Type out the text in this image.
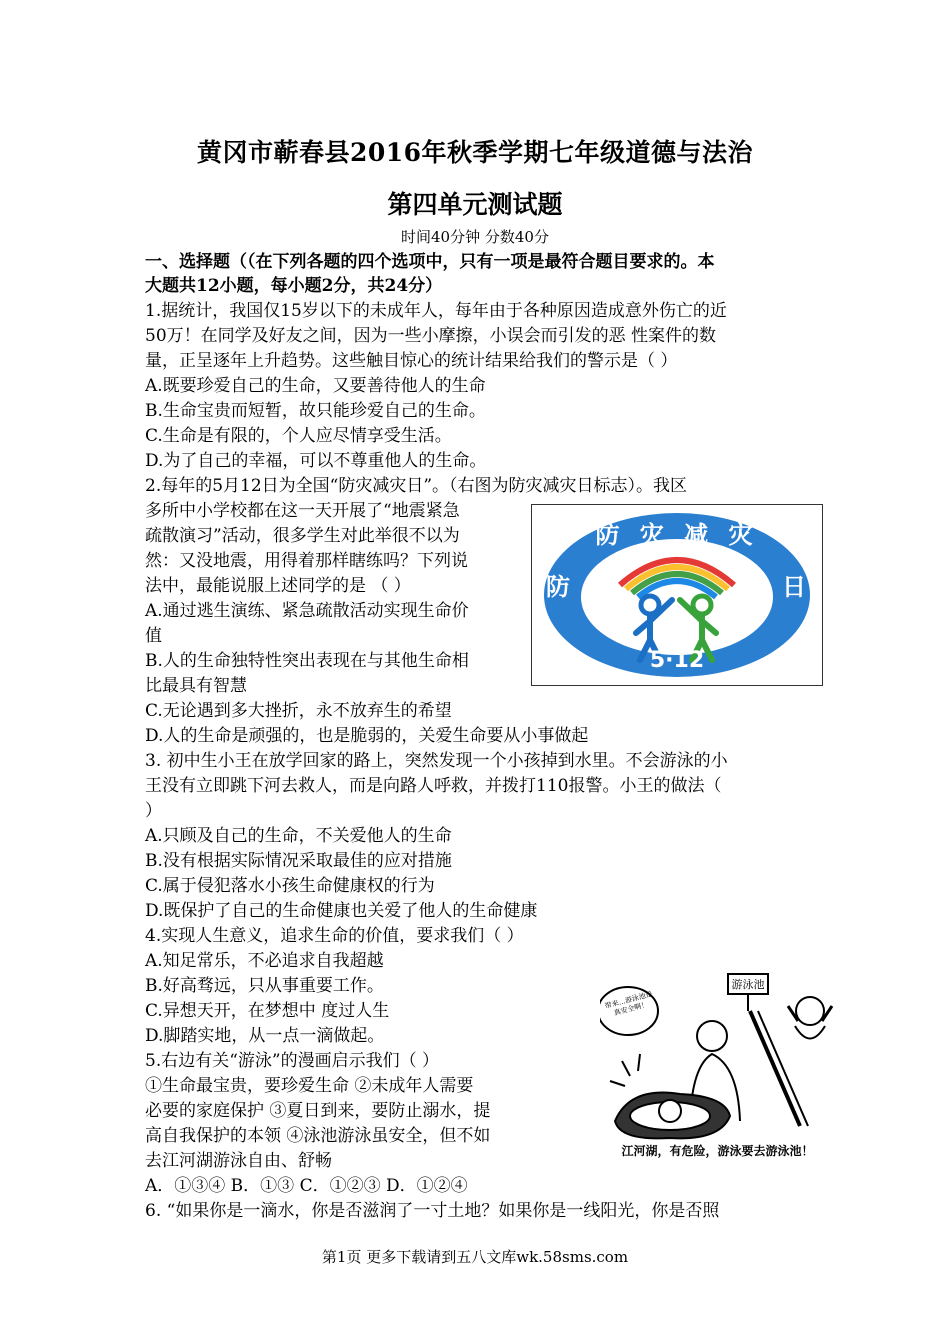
黄冈市蕲春县2016年秋季学期七年级道德与法治
第四单元测试题
时间40分钟 分数40分
一、选择题（（在下列各题的四个选项中，只有一项是最符合题目要求的。本
大题共12小题，每小题2分，共24分）
1.据统计，我国仅15岁以下的未成年人，每年由于各种原因造成意外伤亡的近
50万！在同学及好友之间，因为一些小摩擦，小误会而引发的恶 性案件的数
量，正呈逐年上升趋势。这些触目惊心的统计结果给我们的警示是（ ）
A.既要珍爱自己的生命，又要善待他人的生命
B.生命宝贵而短暂，故只能珍爱自己的生命。
C.生命是有限的，个人应尽情享受生活。
D.为了自己的幸福，可以不尊重他人的生命。
2.每年的5月12日为全国“防灾减灾日”。（右图为防灾减灾日标志）。我区
多所中小学校都在这一天开展了“地震紧急
疏散演习”活动，很多学生对此举很不以为
然：又没地震，用得着那样瞎练吗？下列说
法中，最能说服上述同学的是 （ ）
A.通过逃生演练、紧急疏散活动实现生命价
值
B.人的生命独特性突出表现在与其他生命相
比最具有智慧
C.无论遇到多大挫折，永不放弃生的希望
D.人的生命是顽强的，也是脆弱的，关爱生命要从小事做起
3. 初中生小王在放学回家的路上，突然发现一个小孩掉到水里。不会游泳的小
王没有立即跳下河去救人，而是向路人呼救，并拨打110报警。小王的做法（
）
A.只顾及自己的生命，不关爱他人的生命
B.没有根据实际情况采取最佳的应对措施
C.属于侵犯落水小孩生命健康权的行为
D.既保护了自己的生命健康也关爱了他人的生命健康
4.实现人生意义，追求生命的价值，要求我们（ ）
A.知足常乐，不必追求自我超越
B.好高骛远，只从事重要工作。
C.异想天开，在梦想中 度过人生
D.脚踏实地，从一点一滴做起。
5.右边有关“游泳”的漫画启示我们（ ）
①生命最宝贵，要珍爱生命 ②未成年人需要
必要的家庭保护 ③夏日到来，要防止溺水，提
高自我保护的本领 ④泳池游泳虽安全，但不如
去江河湖游泳自由、舒畅
A．①③④ B．①③ C．①②③ D．①②④
6. “如果你是一滴水，你是否滋润了一寸土地？如果你是一线阳光，你是否照
防 灾 减 灾
防	日
5·12
游泳池
带来…游泳池是真安全啊！
江河湖，有危险，游泳要去游泳池！
第1页 更多下载请到五八文库wk.58sms.com
